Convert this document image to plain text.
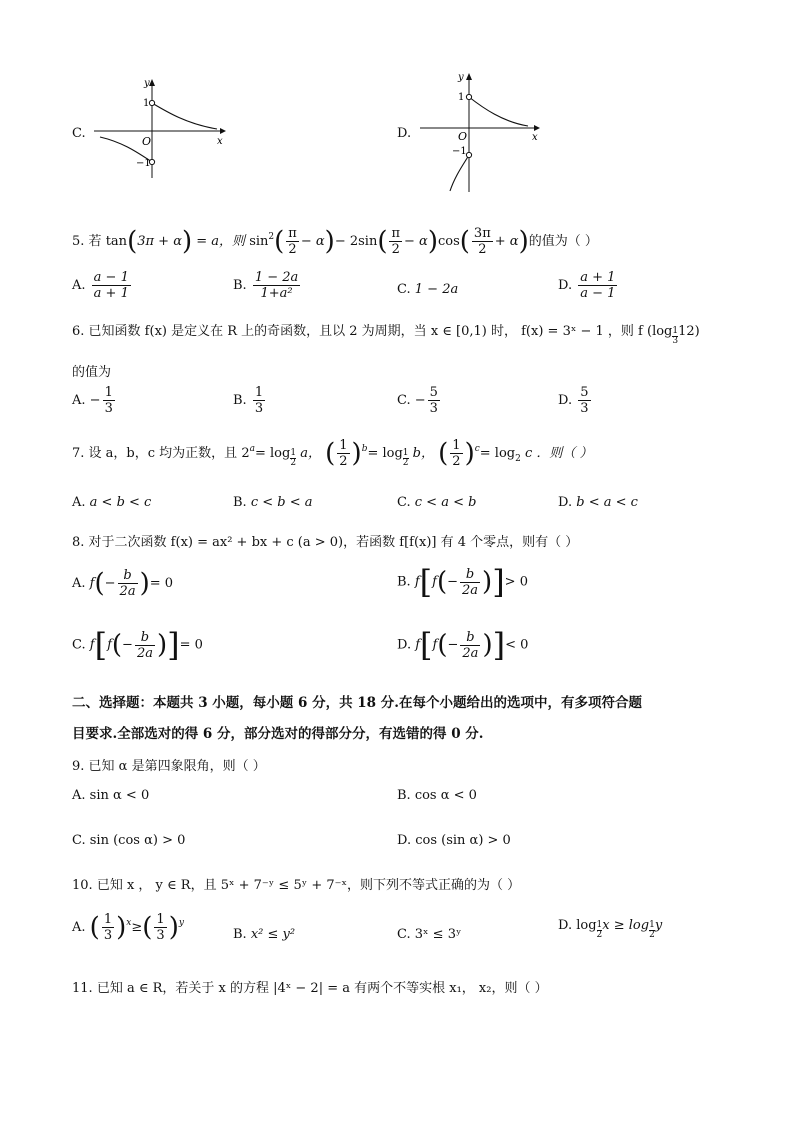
C.
y
x
O
1
−1
D.
y
x
O
1
−1
5. 若 tan(3π + α) = a，则 $\sin^2( \frac{\pi}{2} - \alpha)- 2\sin( \frac{\pi}{2} - \alpha)\cos( \frac{3\pi}{2} + \alpha)$的值为（ ）
A. $\frac{a - 1}{a + 1}$	B. $\frac{1 - 2a}{\text{1+a²}}$	C. 1 − 2a	D. $\frac{a + 1}{a - 1}$
6. 已知函数 f(x) 是定义在 R 上的奇函数，且以 2 为周期，当 x ∈ [0,1) 时， f(x) = 3ˣ − 1 ，则 f $(\log \frac{1}{3} 12)$
的值为
A. − $\frac{1}{3}$	B. $\frac{1}{3}$	C. − $\frac{5}{3}$	D. $\frac{5}{3}$
7. 设 a，b，c 均为正数，且 $2^a= \log \frac{1}{2}$ a， ( $\frac{1}{2} )^b= \log \frac{1}{2}$ b， ( $\frac{1}{2} )^c= \log_2 c$ ．则（ ）
A. a < b < c	B. c < b < a	C. c < a < b	D. b < a < c
8. 对于二次函数 f(x) = ax² + bx + c (a > 0)，若函数 f[f(x)] 有 4 个零点，则有（ ）
A. $f(- \frac{b}{2a}$ )= 0	B. $f[f(- \frac{b}{2a}$ )]> 0
C. $f[f(- \frac{b}{2a}$ )]= 0	D. $f[f(- \frac{b}{2a}$ )]< 0
二、选择题：本题共 3 小题，每小题 6 分，共 18 分.在每个小题给出的选项中，有多项符合题
目要求.全部选对的得 6 分，部分选对的得部分分，有选错的得 0 分.
9. 已知 α 是第四象限角，则（ ）
A. sin α < 0	B. cos α < 0
C. sin (cos α) > 0	D. cos (sin α) > 0
10. 已知 x ， y ∈ R，且 5ˣ + 7⁻ʸ ≤ 5ʸ + 7⁻ˣ，则下列不等式正确的为（ ）
A. ( $\frac{1}{3} )^x\ge( \frac{1}{3} )^y$
B. x² ≤ y²	C. 3ˣ ≤ 3ʸ
D. $\log \frac{1}{2}$ $x \ge \log \frac{1}{2}$ y
11. 已知 a ∈ R，若关于 x 的方程 |4ˣ − 2| = a 有两个不等实根 x₁， x₂，则（ ）
